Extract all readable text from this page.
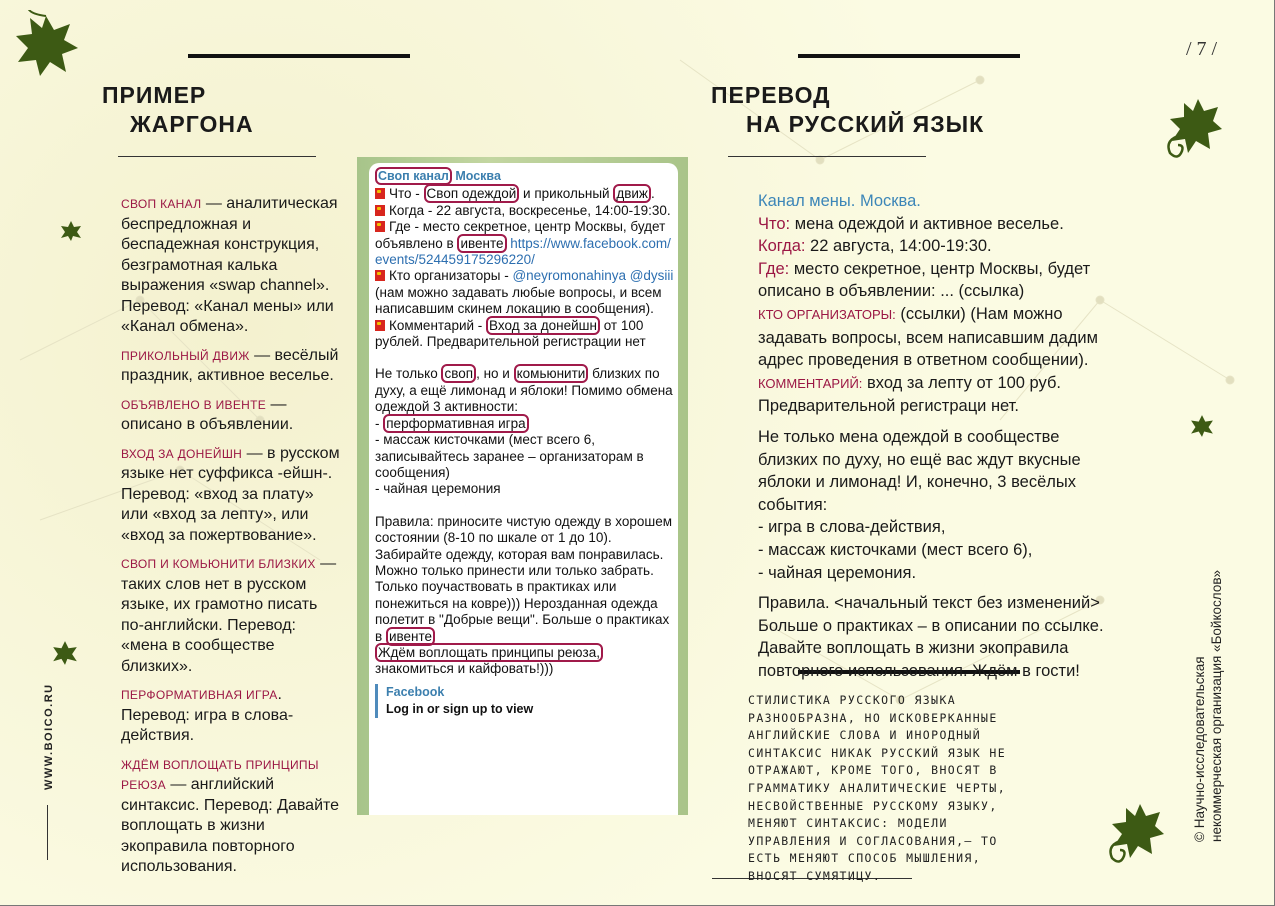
/ 7 /
ПРИМЕР
ЖАРГОНА
ПЕРЕВОД
НА РУССКИЙ ЯЗЫК

СВОП КАНАЛ — аналитическая беспредложная и беспадежная конструкция, безграмотная калька выражения «swap channel». Перевод: «Канал мены» или «Канал обмена».

ПРИКОЛЬНЫЙ ДВИЖ — весёлый праздник, активное веселье.

ОБЪЯВЛЕНО В ИВЕНТЕ — описано в объявлении.

ВХОД ЗА ДОНЕЙШН — в русском языке нет суффикса -ейшн-. Перевод: «вход за плату» или «вход за лепту», или «вход за пожертвование».

СВОП И КОМЬЮНИТИ БЛИЗКИХ — таких слов нет в русском языке, их грамотно писать по-английски. Перевод: «мена в сообществе близких».

ПЕРФОРМАТИВНАЯ ИГРА. Перевод: игра в слова-действия.

ЖДЁМ ВОПЛОЩАТЬ ПРИНЦИПЫ РЕЮЗА — английский синтаксис. Перевод: Давайте воплощать в жизни экоправила повторного использования.

Своп канал Москва
Что - Своп одеждой и прикольный движ .
Когда - 22 августа, воскресенье, 14:00-19:30.
Где - место секретное, центр Москвы, будет объявлено в ивенте https://www.facebook.com/events/524459175296220/
Кто организаторы - @neyromonahinya @dysiii (нам можно задавать любые вопросы, и всем написавшим скинем локацию в сообщения).

Комментарий - Вход за донейшн от 100 рублей. Предварительной регистрации нет

Не только своп , но и комьюнити близких по духу, а ещё лимонад и яблоки! Помимо обмена одеждой 3 активности:
- перформативная игра
- массаж кисточками (мест всего 6, записывайтесь заранее – организаторам в сообщения)
- чайная церемония

Правила: приносите чистую одежду в хорошем состоянии (8-10 по шкале от 1 до 10). Забирайте одежду, которая вам понравилась. Можно только принести или только забрать. Только поучаствовать в практиках или понежиться на ковре))) Нерозданная одежда полетит в "Добрые вещи". Больше о практиках в ивенте
Ждём воплощать принципы реюза, знакомиться и кайфовать!)))
Facebook
Log in or sign up to view

Канал мены. Москва.

Что: мена одеждой и активное веселье.

Когда: 22 августа, 14:00-19:30.

Где: место секретное, центр Москвы, будет описано в объявлении: ... (ссылка)

КТО ОРГАНИЗАТОРЫ: (ссылки) (Нам можно задавать вопросы, всем написавшим дадим адрес проведения в ответном сообщении).

КОММЕНТАРИЙ: вход за лепту от 100 руб. Предварительной регистраци нет.

Не только мена одеждой в сообществе близких по духу, но ещё вас ждут вкусные яблоки и лимонад! И, конечно, 3 весёлых события:

- игра в слова-действия,

- массаж кисточками (мест всего 6),

- чайная церемония.

Правила. <начальный текст без изменений> Больше о практиках – в описании по ссылке. Давайте воплощать в жизни экоправила повторного использования. Ждём в гости!

СТИЛИСТИКА РУССКОГО ЯЗЫКА РАЗНООБРАЗНА, НО ИСКОВЕРКАННЫЕ АНГЛИЙСКИЕ СЛОВА И ИНОРОДНЫЙ СИНТАКСИС НИКАК РУССКИЙ ЯЗЫК НЕ ОТРАЖАЮТ, КРОМЕ ТОГО, ВНОСЯТ В ГРАММАТИКУ АНАЛИТИЧЕСКИЕ ЧЕРТЫ, НЕСВОЙСТВЕННЫЕ РУССКОМУ ЯЗЫКУ, МЕНЯЮТ СИНТАКСИС: МОДЕЛИ УПРАВЛЕНИЯ И СОГЛАСОВАНИЯ,— ТО ЕСТЬ МЕНЯЮТ СПОСОБ МЫШЛЕНИЯ, ВНОСЯТ СУМЯТИЦУ.
WWW.BOICO.RU	© Научно-исследовательская некоммерческая организация «Бойкослов»
